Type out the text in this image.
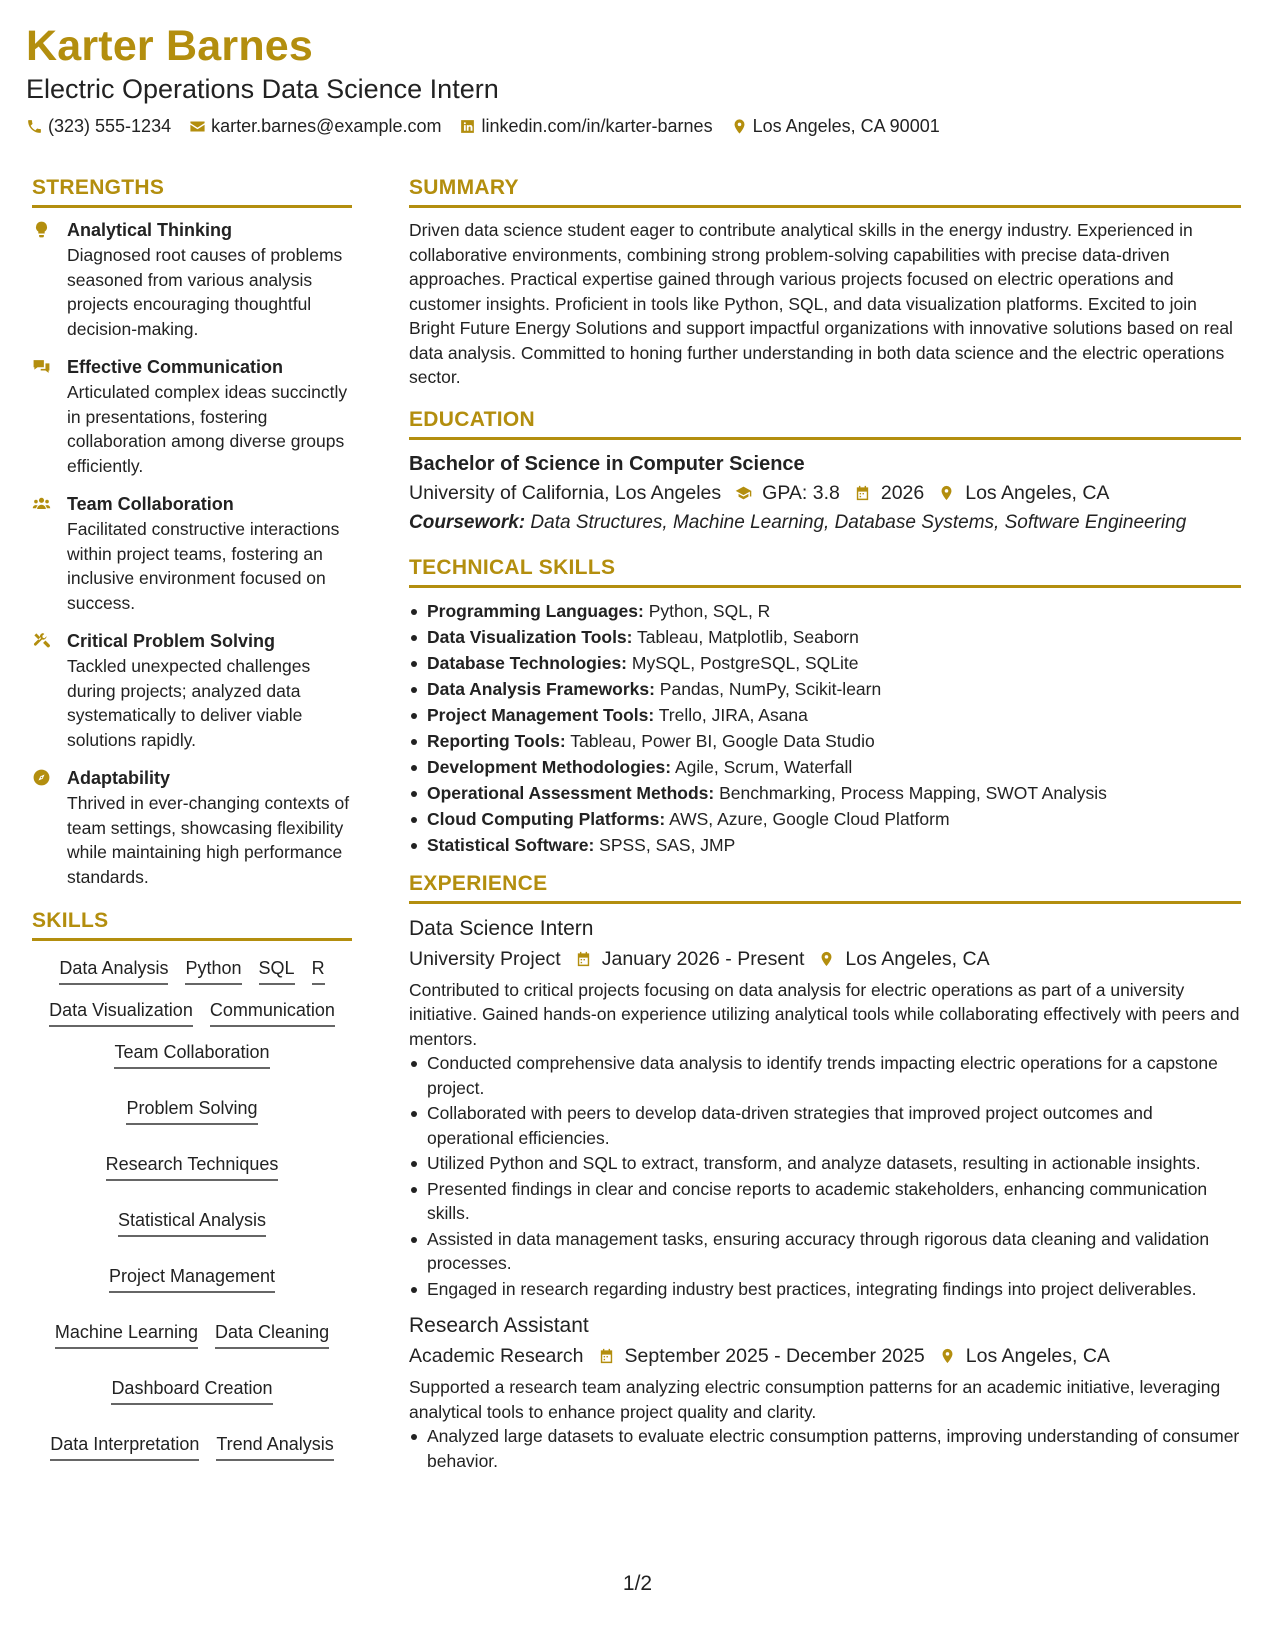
Karter Barnes
Electric Operations Data Science Intern
(323) 555-1234 karter.barnes@example.com linkedin.com/in/karter-barnes Los Angeles, CA 90001
STRENGTHS
Analytical Thinking
Diagnosed root causes of problems seasoned from various analysis projects encouraging thoughtful decision-making.
Effective Communication
Articulated complex ideas succinctly in presentations, fostering collaboration among diverse groups efficiently.
Team Collaboration
Facilitated constructive interactions within project teams, fostering an inclusive environment focused on success.
Critical Problem Solving
Tackled unexpected challenges during projects; analyzed data systematically to deliver viable solutions rapidly.
Adaptability
Thrived in ever-changing contexts of team settings, showcasing flexibility while maintaining high performance standards.
SKILLS
Data Analysis Python SQL R
Data Visualization Communication
Team Collaboration
Problem Solving
Research Techniques
Statistical Analysis
Project Management
Machine Learning Data Cleaning
Dashboard Creation
Data Interpretation Trend Analysis
SUMMARY
Driven data science student eager to contribute analytical skills in the energy industry. Experienced in collaborative environments, combining strong problem-solving capabilities with precise data-driven approaches. Practical expertise gained through various projects focused on electric operations and customer insights. Proficient in tools like Python, SQL, and data visualization platforms. Excited to join Bright Future Energy Solutions and support impactful organizations with innovative solutions based on real data analysis. Committed to honing further understanding in both data science and the electric operations sector.
EDUCATION
Bachelor of Science in Computer Science
University of California, Los Angeles GPA: 3.8 2026 Los Angeles, CA
Coursework: Data Structures, Machine Learning, Database Systems, Software Engineering
TECHNICAL SKILLS
Programming Languages: Python, SQL, R
Data Visualization Tools: Tableau, Matplotlib, Seaborn
Database Technologies: MySQL, PostgreSQL, SQLite
Data Analysis Frameworks: Pandas, NumPy, Scikit-learn
Project Management Tools: Trello, JIRA, Asana
Reporting Tools: Tableau, Power BI, Google Data Studio
Development Methodologies: Agile, Scrum, Waterfall
Operational Assessment Methods: Benchmarking, Process Mapping, SWOT Analysis
Cloud Computing Platforms: AWS, Azure, Google Cloud Platform
Statistical Software: SPSS, SAS, JMP
EXPERIENCE
Data Science Intern
University Project January 2026 - Present Los Angeles, CA
Contributed to critical projects focusing on data analysis for electric operations as part of a university initiative. Gained hands-on experience utilizing analytical tools while collaborating effectively with peers and mentors.
Conducted comprehensive data analysis to identify trends impacting electric operations for a capstone project.
Collaborated with peers to develop data-driven strategies that improved project outcomes and operational efficiencies.
Utilized Python and SQL to extract, transform, and analyze datasets, resulting in actionable insights.
Presented findings in clear and concise reports to academic stakeholders, enhancing communication skills.
Assisted in data management tasks, ensuring accuracy through rigorous data cleaning and validation processes.
Engaged in research regarding industry best practices, integrating findings into project deliverables.
Research Assistant
Academic Research September 2025 - December 2025 Los Angeles, CA
Supported a research team analyzing electric consumption patterns for an academic initiative, leveraging analytical tools to enhance project quality and clarity.
Analyzed large datasets to evaluate electric consumption patterns, improving understanding of consumer behavior.
1/2
